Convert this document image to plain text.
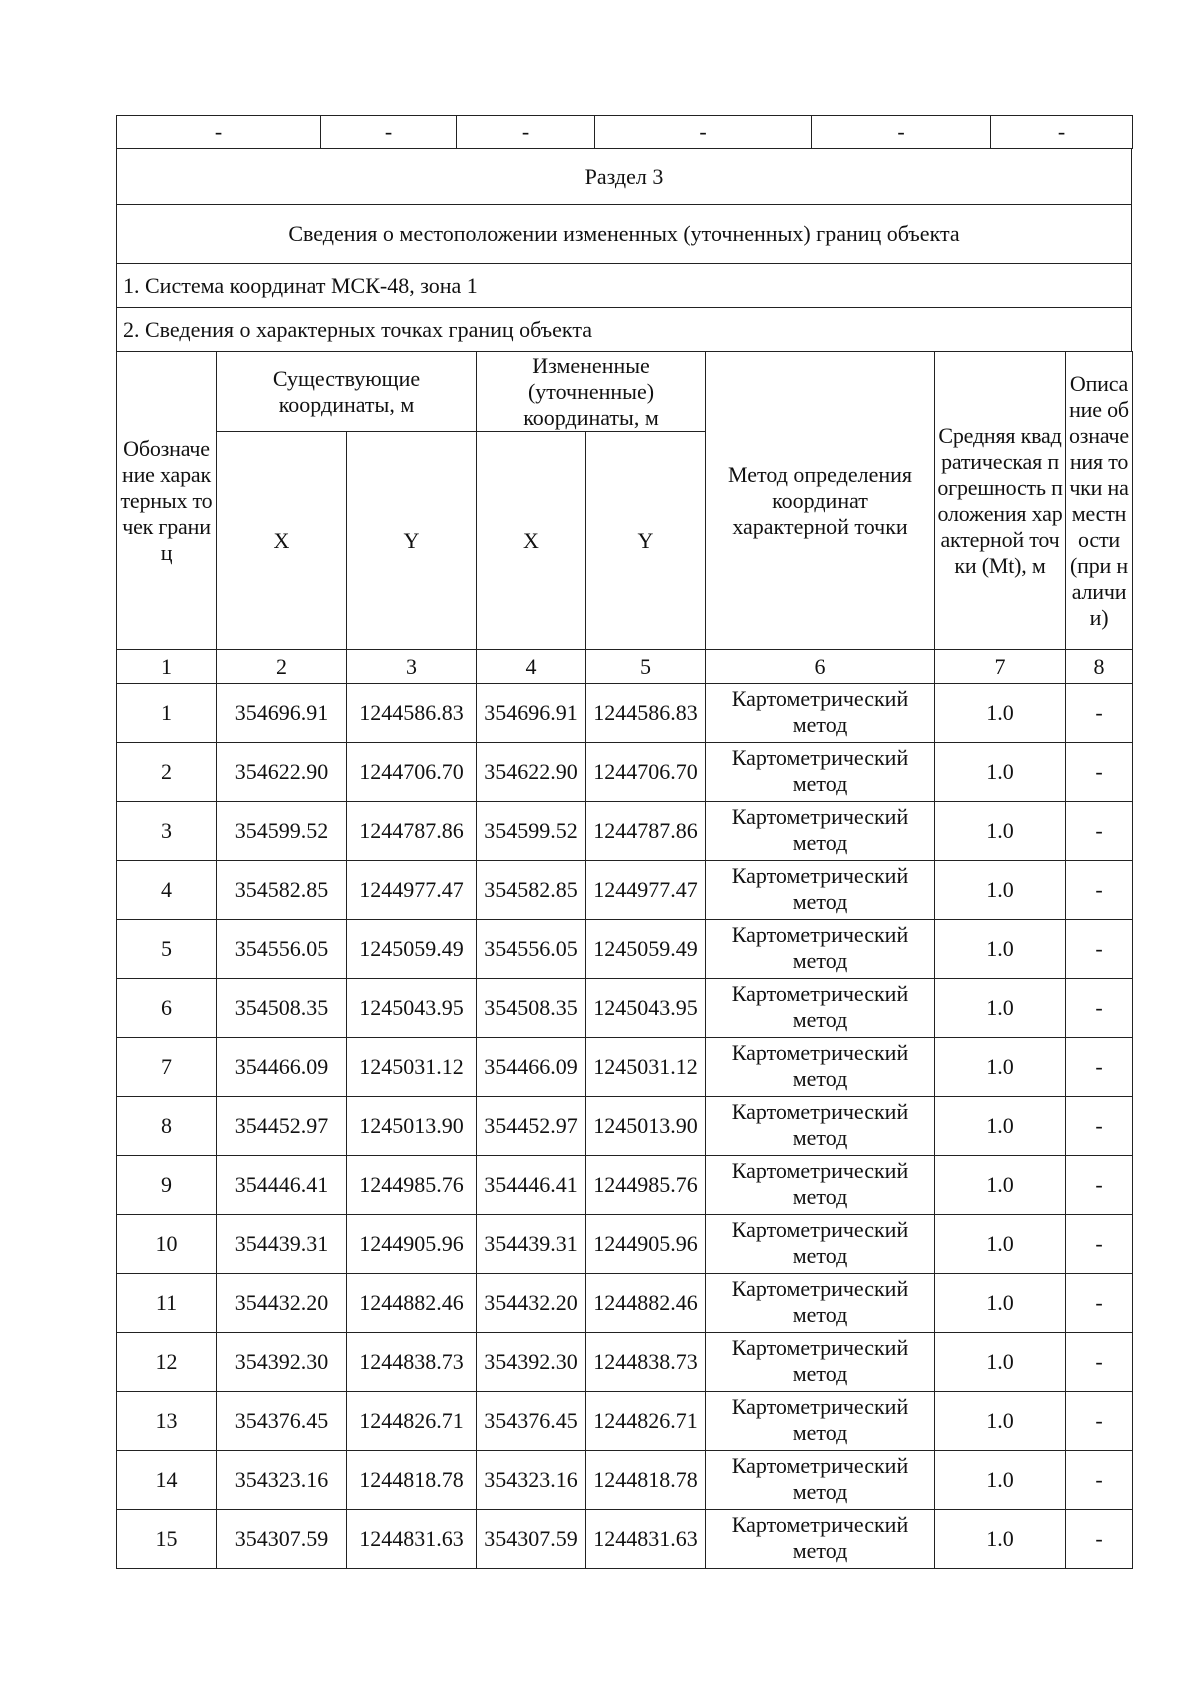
-	-	-	-	-	-
Раздел 3
Сведения о местоположении измененных (уточненных) границ объекта
1. Система координат МСК-48, зона 1
2. Сведения о характерных точках границ объекта
Обозначение характерных точек границ	Существующие координаты, м		Измененные (уточненные) координаты, м		Метод определения координат характерной точки	Средняя квадратическая погрешность положения характерной точки (Mt), м	Описание обозначения точки на местности (при наличии)

	X	Y	X	Y			
1	2	3	4	5	6	7	8
1	354696.91	1244586.83	354696.91	1244586.83	Картометрический метод	1.0	-
2	354622.90	1244706.70	354622.90	1244706.70	Картометрический метод	1.0	-
3	354599.52	1244787.86	354599.52	1244787.86	Картометрический метод	1.0	-
4	354582.85	1244977.47	354582.85	1244977.47	Картометрический метод	1.0	-
5	354556.05	1245059.49	354556.05	1245059.49	Картометрический метод	1.0	-
6	354508.35	1245043.95	354508.35	1245043.95	Картометрический метод	1.0	-
7	354466.09	1245031.12	354466.09	1245031.12	Картометрический метод	1.0	-
8	354452.97	1245013.90	354452.97	1245013.90	Картометрический метод	1.0	-
9	354446.41	1244985.76	354446.41	1244985.76	Картометрический метод	1.0	-
10	354439.31	1244905.96	354439.31	1244905.96	Картометрический метод	1.0	-
11	354432.20	1244882.46	354432.20	1244882.46	Картометрический метод	1.0	-
12	354392.30	1244838.73	354392.30	1244838.73	Картометрический метод	1.0	-
13	354376.45	1244826.71	354376.45	1244826.71	Картометрический метод	1.0	-
14	354323.16	1244818.78	354323.16	1244818.78	Картометрический метод	1.0	-
15	354307.59	1244831.63	354307.59	1244831.63	Картометрический метод	1.0	-
